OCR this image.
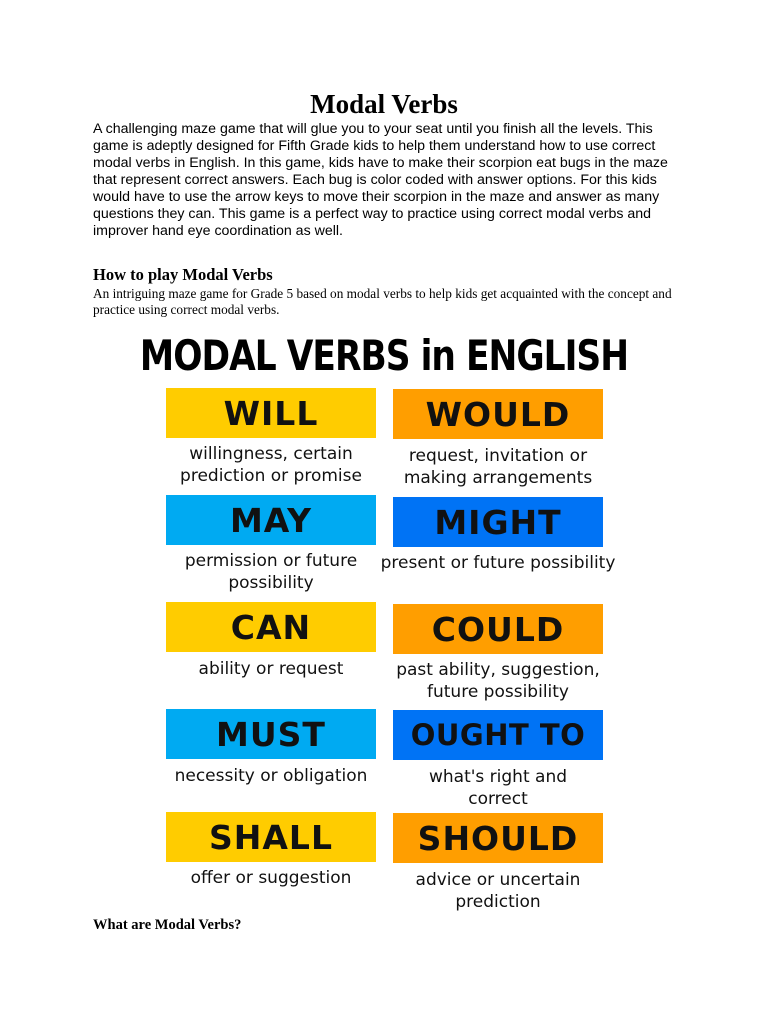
Modal Verbs

A challenging maze game that will glue you to your seat until you finish all the levels. This game is adeptly designed for Fifth Grade kids to help them understand how to use correct modal verbs in English. In this game, kids have to make their scorpion eat bugs in the maze that represent correct answers. Each bug is color coded with answer options. For this kids would have to use the arrow keys to move their scorpion in the maze and answer as many questions they can. This game is a perfect way to practice using correct modal verbs and improver hand eye coordination as well.

How to play Modal Verbs

An intriguing maze game for Grade 5 based on modal verbs to help kids get acquainted with the concept and practice using correct modal verbs.

MODAL VERBS in ENGLISH
WILL
willingness, certain prediction or promise
WOULD
request, invitation or making arrangements
MAY
permission or future possibility
MIGHT
present or future possibility
CAN
ability or request
COULD
past ability, suggestion, future possibility
MUST
necessity or obligation
OUGHT TO
what's right and correct
SHALL
offer or suggestion
SHOULD
advice or uncertain prediction
What are Modal Verbs?
